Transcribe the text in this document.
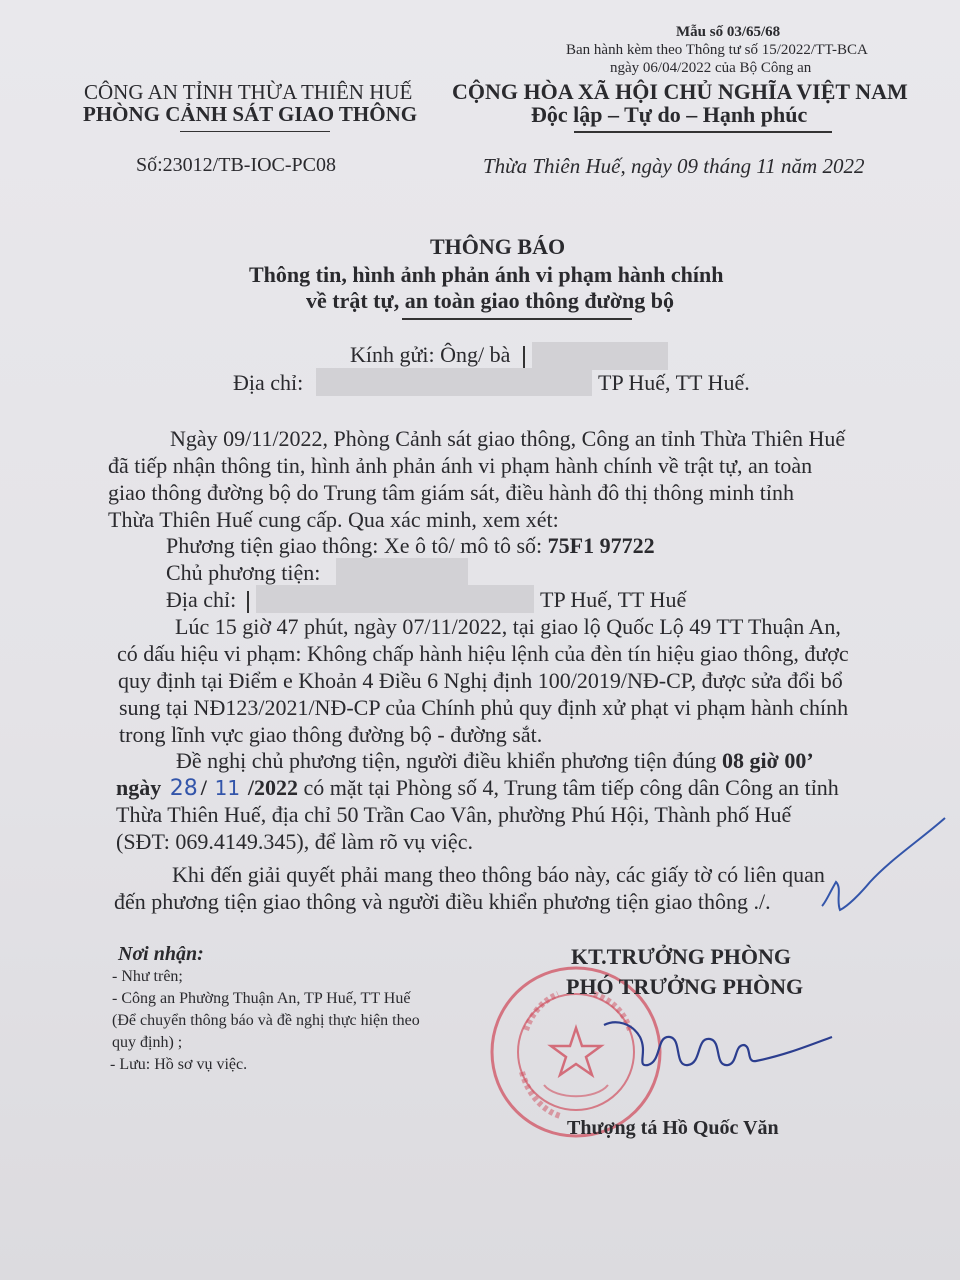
Mẫu số 03/65/68
Ban hành kèm theo Thông tư số 15/2022/TT-BCA
ngày 06/04/2022 của Bộ Công an
CÔNG AN TỈNH THỪA THIÊN HUẾ
PHÒNG CẢNH SÁT GIAO THÔNG
Số:23012/TB-IOC-PC08
CỘNG HÒA XÃ HỘI CHỦ NGHĨA VIỆT NAM
Độc lập – Tự do – Hạnh phúc
Thừa Thiên Huế, ngày 09 tháng 11 năm 2022
THÔNG BÁO
Thông tin, hình ảnh phản ánh vi phạm hành chính
về trật tự, an toàn giao thông đường bộ
Kính gửi: Ông/ bà
Địa chỉ:	TP Huế, TT Huế.
Ngày 09/11/2022, Phòng Cảnh sát giao thông, Công an tỉnh Thừa Thiên Huế
đã tiếp nhận thông tin, hình ảnh phản ánh vi phạm hành chính về trật tự, an toàn
giao thông đường bộ do Trung tâm giám sát, điều hành đô thị thông minh tỉnh
Thừa Thiên Huế cung cấp. Qua xác minh, xem xét:
Phương tiện giao thông: Xe ô tô/ mô tô số: 75F1 97722
Chủ phương tiện:
Địa chỉ:	TP Huế, TT Huế
Lúc 15 giờ 47 phút, ngày 07/11/2022, tại giao lộ Quốc Lộ 49 TT Thuận An,
có dấu hiệu vi phạm: Không chấp hành hiệu lệnh của đèn tín hiệu giao thông, được
quy định tại Điểm e Khoản 4 Điều 6 Nghị định 100/2019/NĐ-CP, được sửa đổi bổ
sung tại NĐ123/2021/NĐ-CP của Chính phủ quy định xử phạt vi phạm hành chính
trong lĩnh vực giao thông đường bộ - đường sắt.
Đề nghị chủ phương tiện, người điều khiển phương tiện đúng 08 giờ 00’
ngày 28 / 11 /2022 có mặt tại Phòng số 4, Trung tâm tiếp công dân Công an tỉnh
Thừa Thiên Huế, địa chỉ 50 Trần Cao Vân, phường Phú Hội, Thành phố Huế
(SĐT: 069.4149.345), để làm rõ vụ việc.
Khi đến giải quyết phải mang theo thông báo này, các giấy tờ có liên quan
đến phương tiện giao thông và người điều khiển phương tiện giao thông ./.
Nơi nhận:
- Như trên;
- Công an Phường Thuận An, TP Huế, TT Huế
(Để chuyển thông báo và đề nghị thực hiện theo
quy định) ;
- Lưu: Hồ sơ vụ việc.
KT.TRƯỞNG PHÒNG
PHÓ TRƯỞNG PHÒNG
Thượng tá Hồ Quốc Văn
